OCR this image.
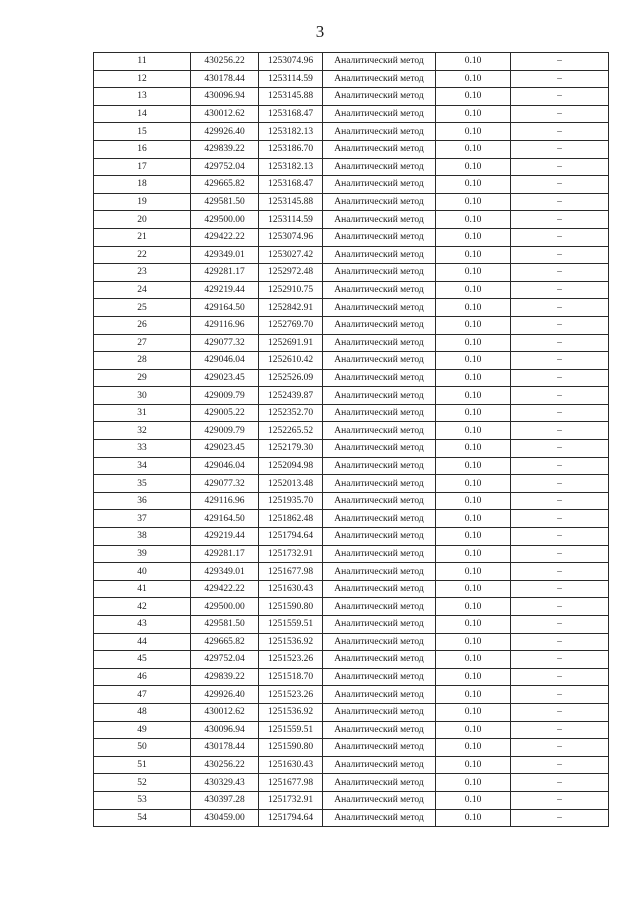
3
11	430256.22	1253074.96	Аналитический метод	0.10	–
12	430178.44	1253114.59	Аналитический метод	0.10	–
13	430096.94	1253145.88	Аналитический метод	0.10	–
14	430012.62	1253168.47	Аналитический метод	0.10	–
15	429926.40	1253182.13	Аналитический метод	0.10	–
16	429839.22	1253186.70	Аналитический метод	0.10	–
17	429752.04	1253182.13	Аналитический метод	0.10	–
18	429665.82	1253168.47	Аналитический метод	0.10	–
19	429581.50	1253145.88	Аналитический метод	0.10	–
20	429500.00	1253114.59	Аналитический метод	0.10	–
21	429422.22	1253074.96	Аналитический метод	0.10	–
22	429349.01	1253027.42	Аналитический метод	0.10	–
23	429281.17	1252972.48	Аналитический метод	0.10	–
24	429219.44	1252910.75	Аналитический метод	0.10	–
25	429164.50	1252842.91	Аналитический метод	0.10	–
26	429116.96	1252769.70	Аналитический метод	0.10	–
27	429077.32	1252691.91	Аналитический метод	0.10	–
28	429046.04	1252610.42	Аналитический метод	0.10	–
29	429023.45	1252526.09	Аналитический метод	0.10	–
30	429009.79	1252439.87	Аналитический метод	0.10	–
31	429005.22	1252352.70	Аналитический метод	0.10	–
32	429009.79	1252265.52	Аналитический метод	0.10	–
33	429023.45	1252179.30	Аналитический метод	0.10	–
34	429046.04	1252094.98	Аналитический метод	0.10	–
35	429077.32	1252013.48	Аналитический метод	0.10	–
36	429116.96	1251935.70	Аналитический метод	0.10	–
37	429164.50	1251862.48	Аналитический метод	0.10	–
38	429219.44	1251794.64	Аналитический метод	0.10	–
39	429281.17	1251732.91	Аналитический метод	0.10	–
40	429349.01	1251677.98	Аналитический метод	0.10	–
41	429422.22	1251630.43	Аналитический метод	0.10	–
42	429500.00	1251590.80	Аналитический метод	0.10	–
43	429581.50	1251559.51	Аналитический метод	0.10	–
44	429665.82	1251536.92	Аналитический метод	0.10	–
45	429752.04	1251523.26	Аналитический метод	0.10	–
46	429839.22	1251518.70	Аналитический метод	0.10	–
47	429926.40	1251523.26	Аналитический метод	0.10	–
48	430012.62	1251536.92	Аналитический метод	0.10	–
49	430096.94	1251559.51	Аналитический метод	0.10	–
50	430178.44	1251590.80	Аналитический метод	0.10	–
51	430256.22	1251630.43	Аналитический метод	0.10	–
52	430329.43	1251677.98	Аналитический метод	0.10	–
53	430397.28	1251732.91	Аналитический метод	0.10	–
54	430459.00	1251794.64	Аналитический метод	0.10	–
